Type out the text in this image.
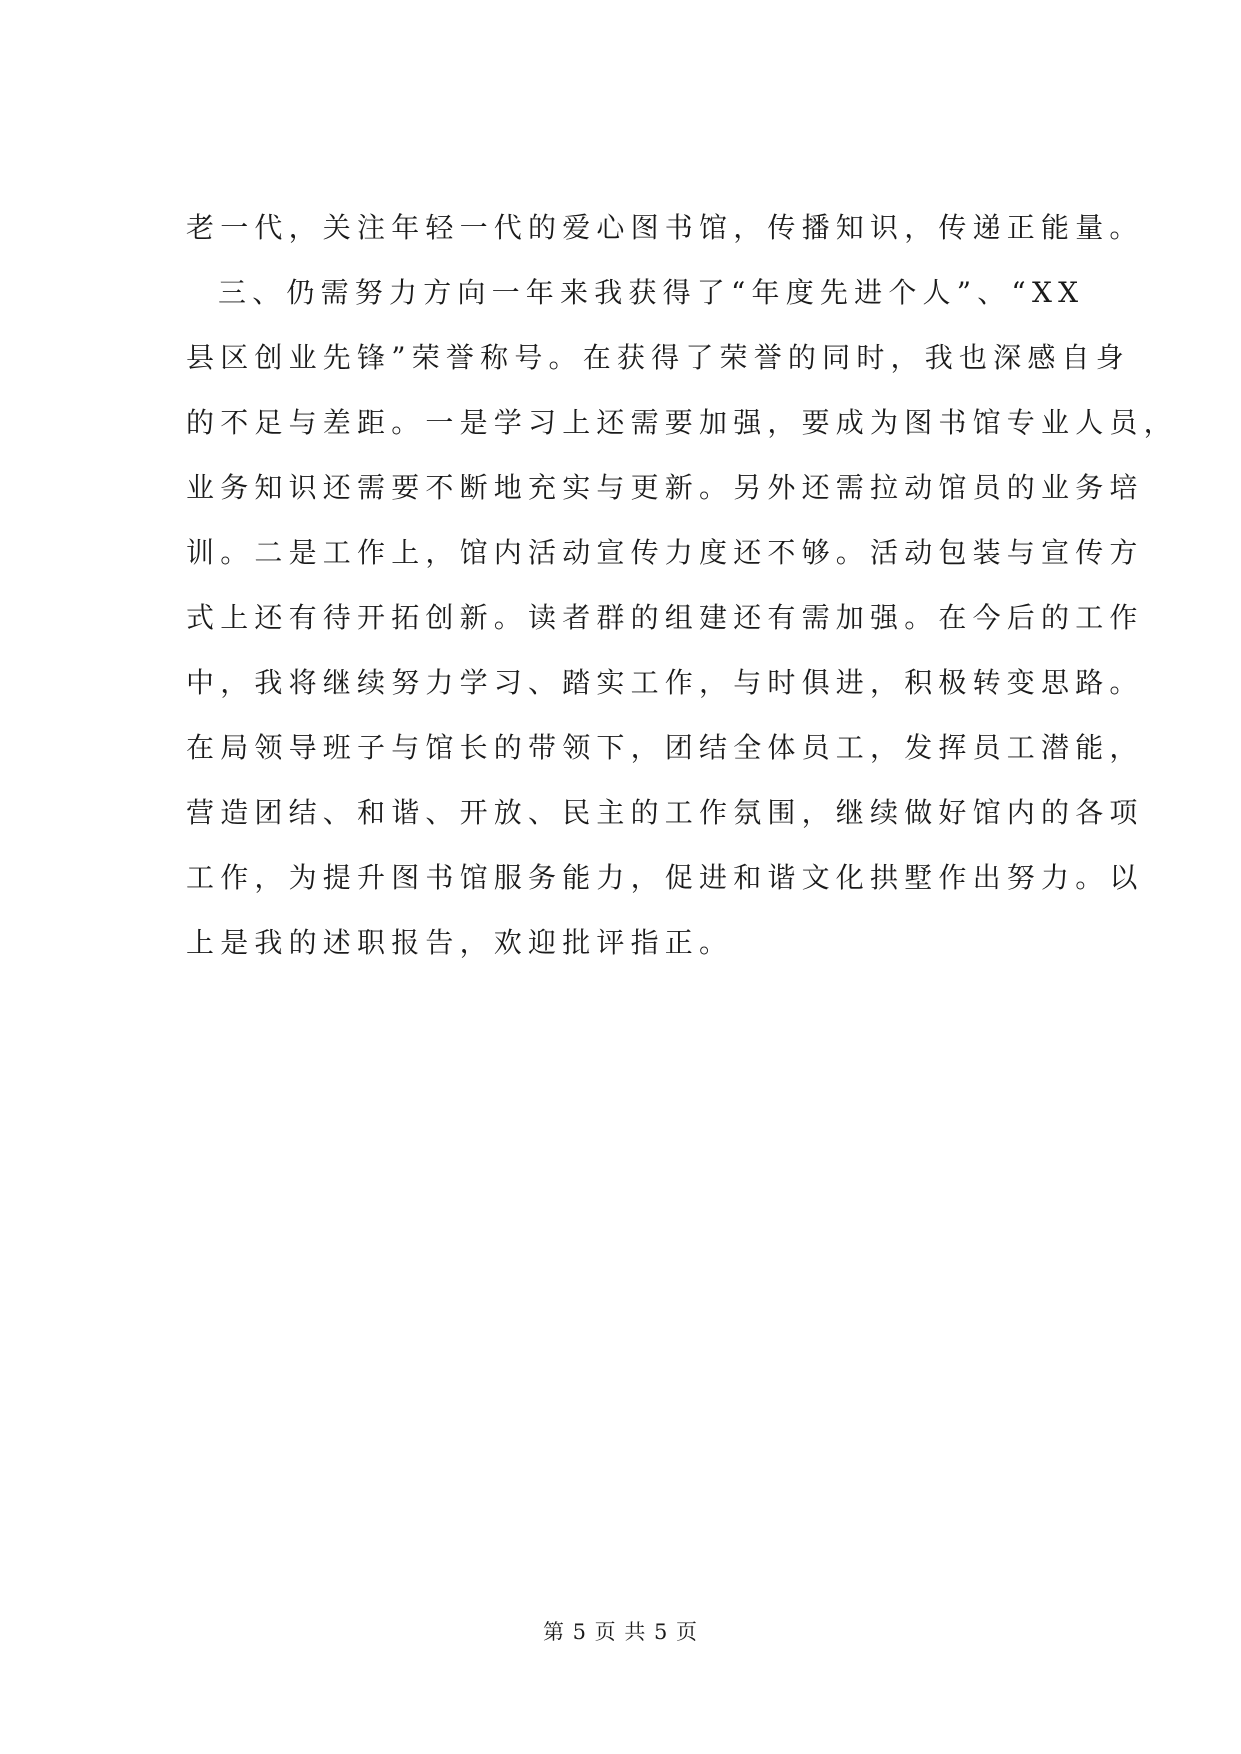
老一代，关注年轻一代的爱心图书馆，传播知识，传递正能量。
三、仍需努力方向一年来我获得了“年度先进个人”、“XX
县区创业先锋”荣誉称号。在获得了荣誉的同时，我也深感自身
的不足与差距。一是学习上还需要加强，要成为图书馆专业人员，
业务知识还需要不断地充实与更新。另外还需拉动馆员的业务培
训。二是工作上，馆内活动宣传力度还不够。活动包装与宣传方
式上还有待开拓创新。读者群的组建还有需加强。在今后的工作
中，我将继续努力学习、踏实工作，与时俱进，积极转变思路。
在局领导班子与馆长的带领下，团结全体员工，发挥员工潜能，
营造团结、和谐、开放、民主的工作氛围，继续做好馆内的各项
工作，为提升图书馆服务能力，促进和谐文化拱墅作出努力。以
上是我的述职报告，欢迎批评指正。
第 5 页 共 5 页
